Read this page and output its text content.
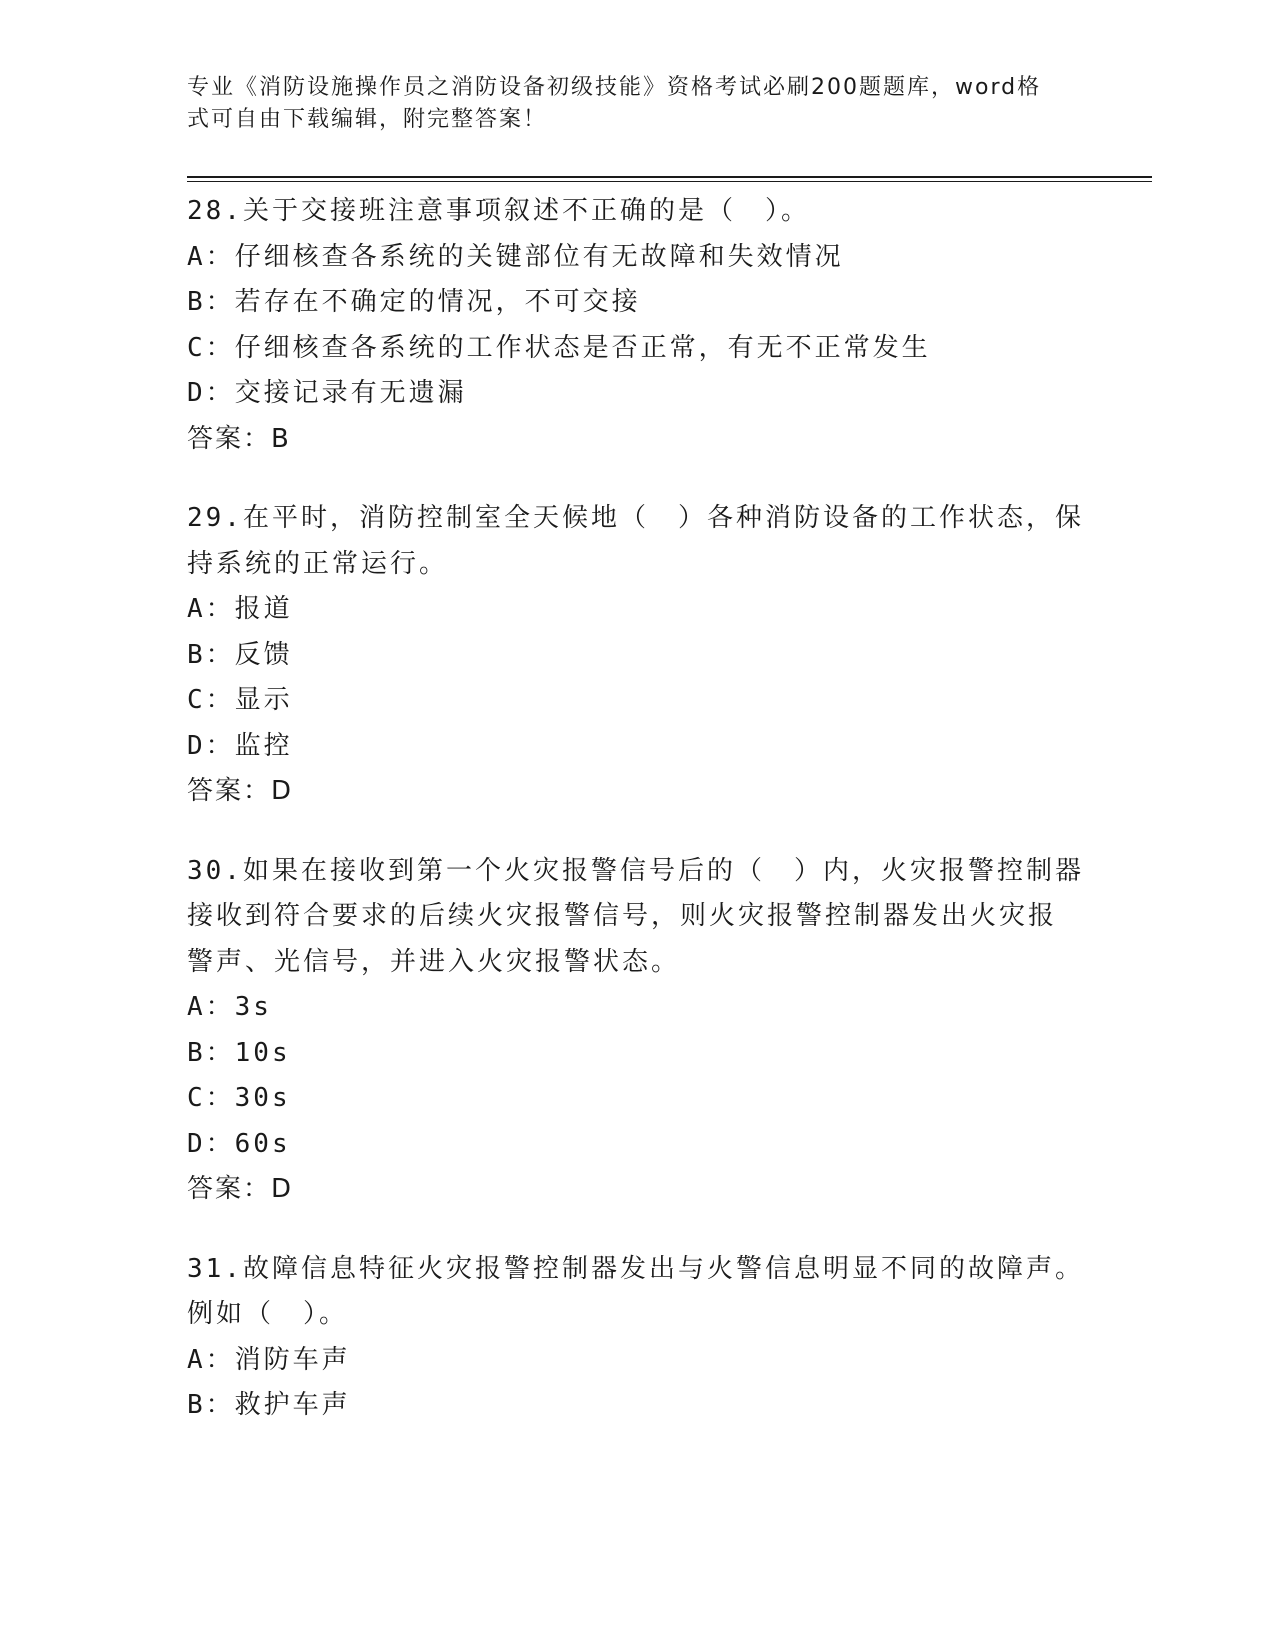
专业《消防设施操作员之消防设备初级技能》资格考试必刷200题题库，word格
式可自由下载编辑，附完整答案！
28.关于交接班注意事项叙述不正确的是（　）。
A：仔细核查各系统的关键部位有无故障和失效情况
B：若存在不确定的情况，不可交接
C：仔细核查各系统的工作状态是否正常，有无不正常发生
D：交接记录有无遗漏
答案：B
29.在平时，消防控制室全天候地（　）各种消防设备的工作状态，保
持系统的正常运行。
A：报道
B：反馈
C：显示
D：监控
答案：D
30.如果在接收到第一个火灾报警信号后的（　）内，火灾报警控制器
接收到符合要求的后续火灾报警信号，则火灾报警控制器发出火灾报
警声、光信号，并进入火灾报警状态。
A：3s
B：10s
C：30s
D：60s
答案：D
31.故障信息特征火灾报警控制器发出与火警信息明显不同的故障声。
例如（　）。
A：消防车声
B：救护车声
